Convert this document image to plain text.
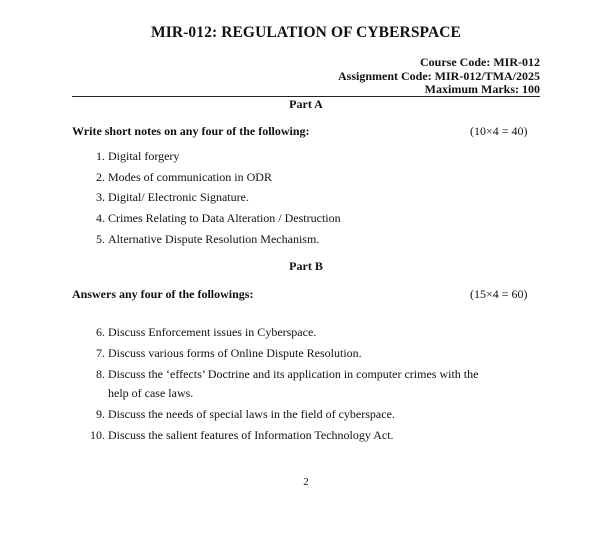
MIR-012: REGULATION OF CYBERSPACE
Course Code: MIR-012
Assignment Code: MIR-012/TMA/2025
Maximum Marks: 100
Part A
Write short notes on any four of the following:	(10×4 = 40)
1. Digital forgery
2. Modes of communication in ODR
3. Digital/ Electronic Signature.
4. Crimes Relating to Data Alteration / Destruction
5. Alternative Dispute Resolution Mechanism.
Part B
Answers any four of the followings:	(15×4 = 60)
6. Discuss Enforcement issues in Cyberspace.
7. Discuss various forms of Online Dispute Resolution.
8. Discuss the ‘effects’ Doctrine and its application in computer crimes with the help of case laws.
9. Discuss the needs of special laws in the field of cyberspace.
10. Discuss the salient features of Information Technology Act.
2
